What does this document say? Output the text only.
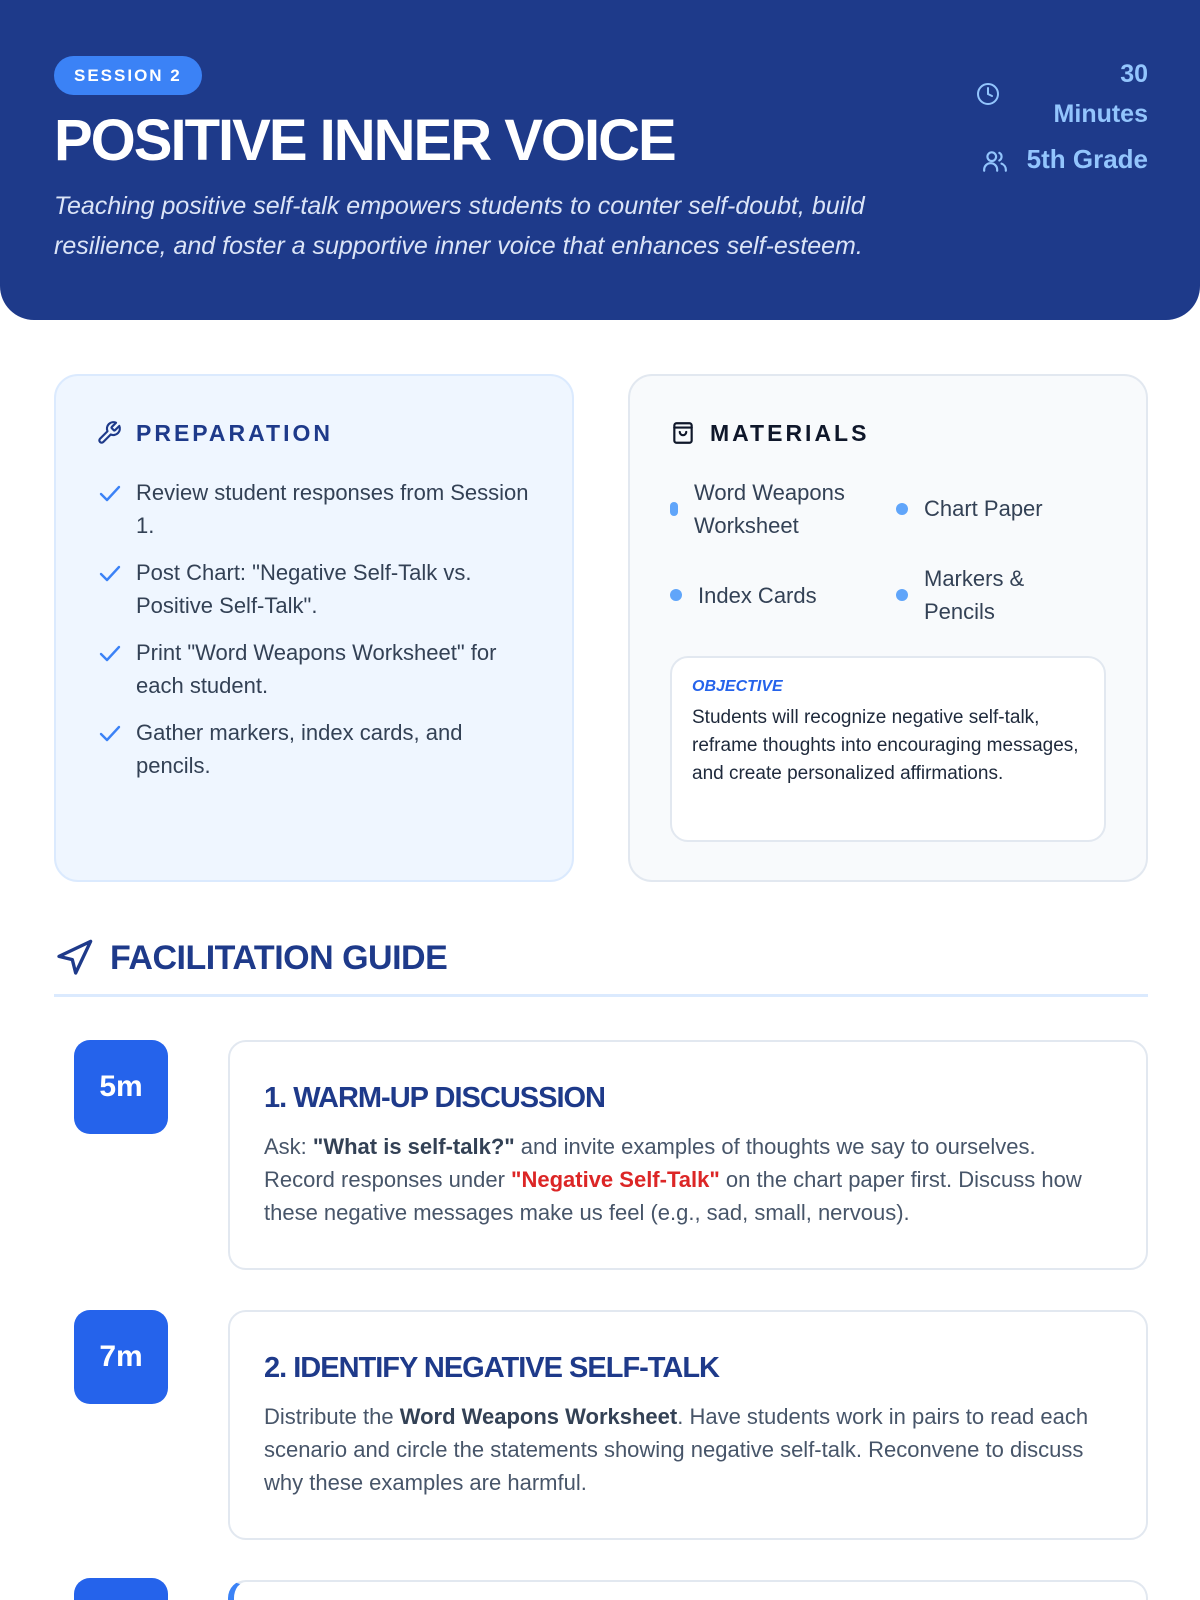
SESSION 2
POSITIVE INNER VOICE
Teaching positive self-talk empowers students to counter self-doubt, build resilience, and foster a supportive inner voice that enhances self-esteem.
30 Minutes
5th Grade
PREPARATION
Review student responses from Session 1.
Post Chart: "Negative Self-Talk vs. Positive Self-Talk".
Print "Word Weapons Worksheet" for each student.
Gather markers, index cards, and pencils.
MATERIALS
Word Weapons Worksheet
Chart Paper
Index Cards
Markers & Pencils
OBJECTIVE
Students will recognize negative self-talk, reframe thoughts into encouraging messages, and create personalized affirmations.
FACILITATION GUIDE
5m	1. WARM-UP DISCUSSION
Ask: "What is self-talk?" and invite examples of thoughts we say to ourselves. Record responses under "Negative Self-Talk" on the chart paper first. Discuss how these negative messages make us feel (e.g., sad, small, nervous).
7m	2. IDENTIFY NEGATIVE SELF-TALK
Distribute the Word Weapons Worksheet. Have students work in pairs to read each scenario and circle the statements showing negative self-talk. Reconvene to discuss why these examples are harmful.
